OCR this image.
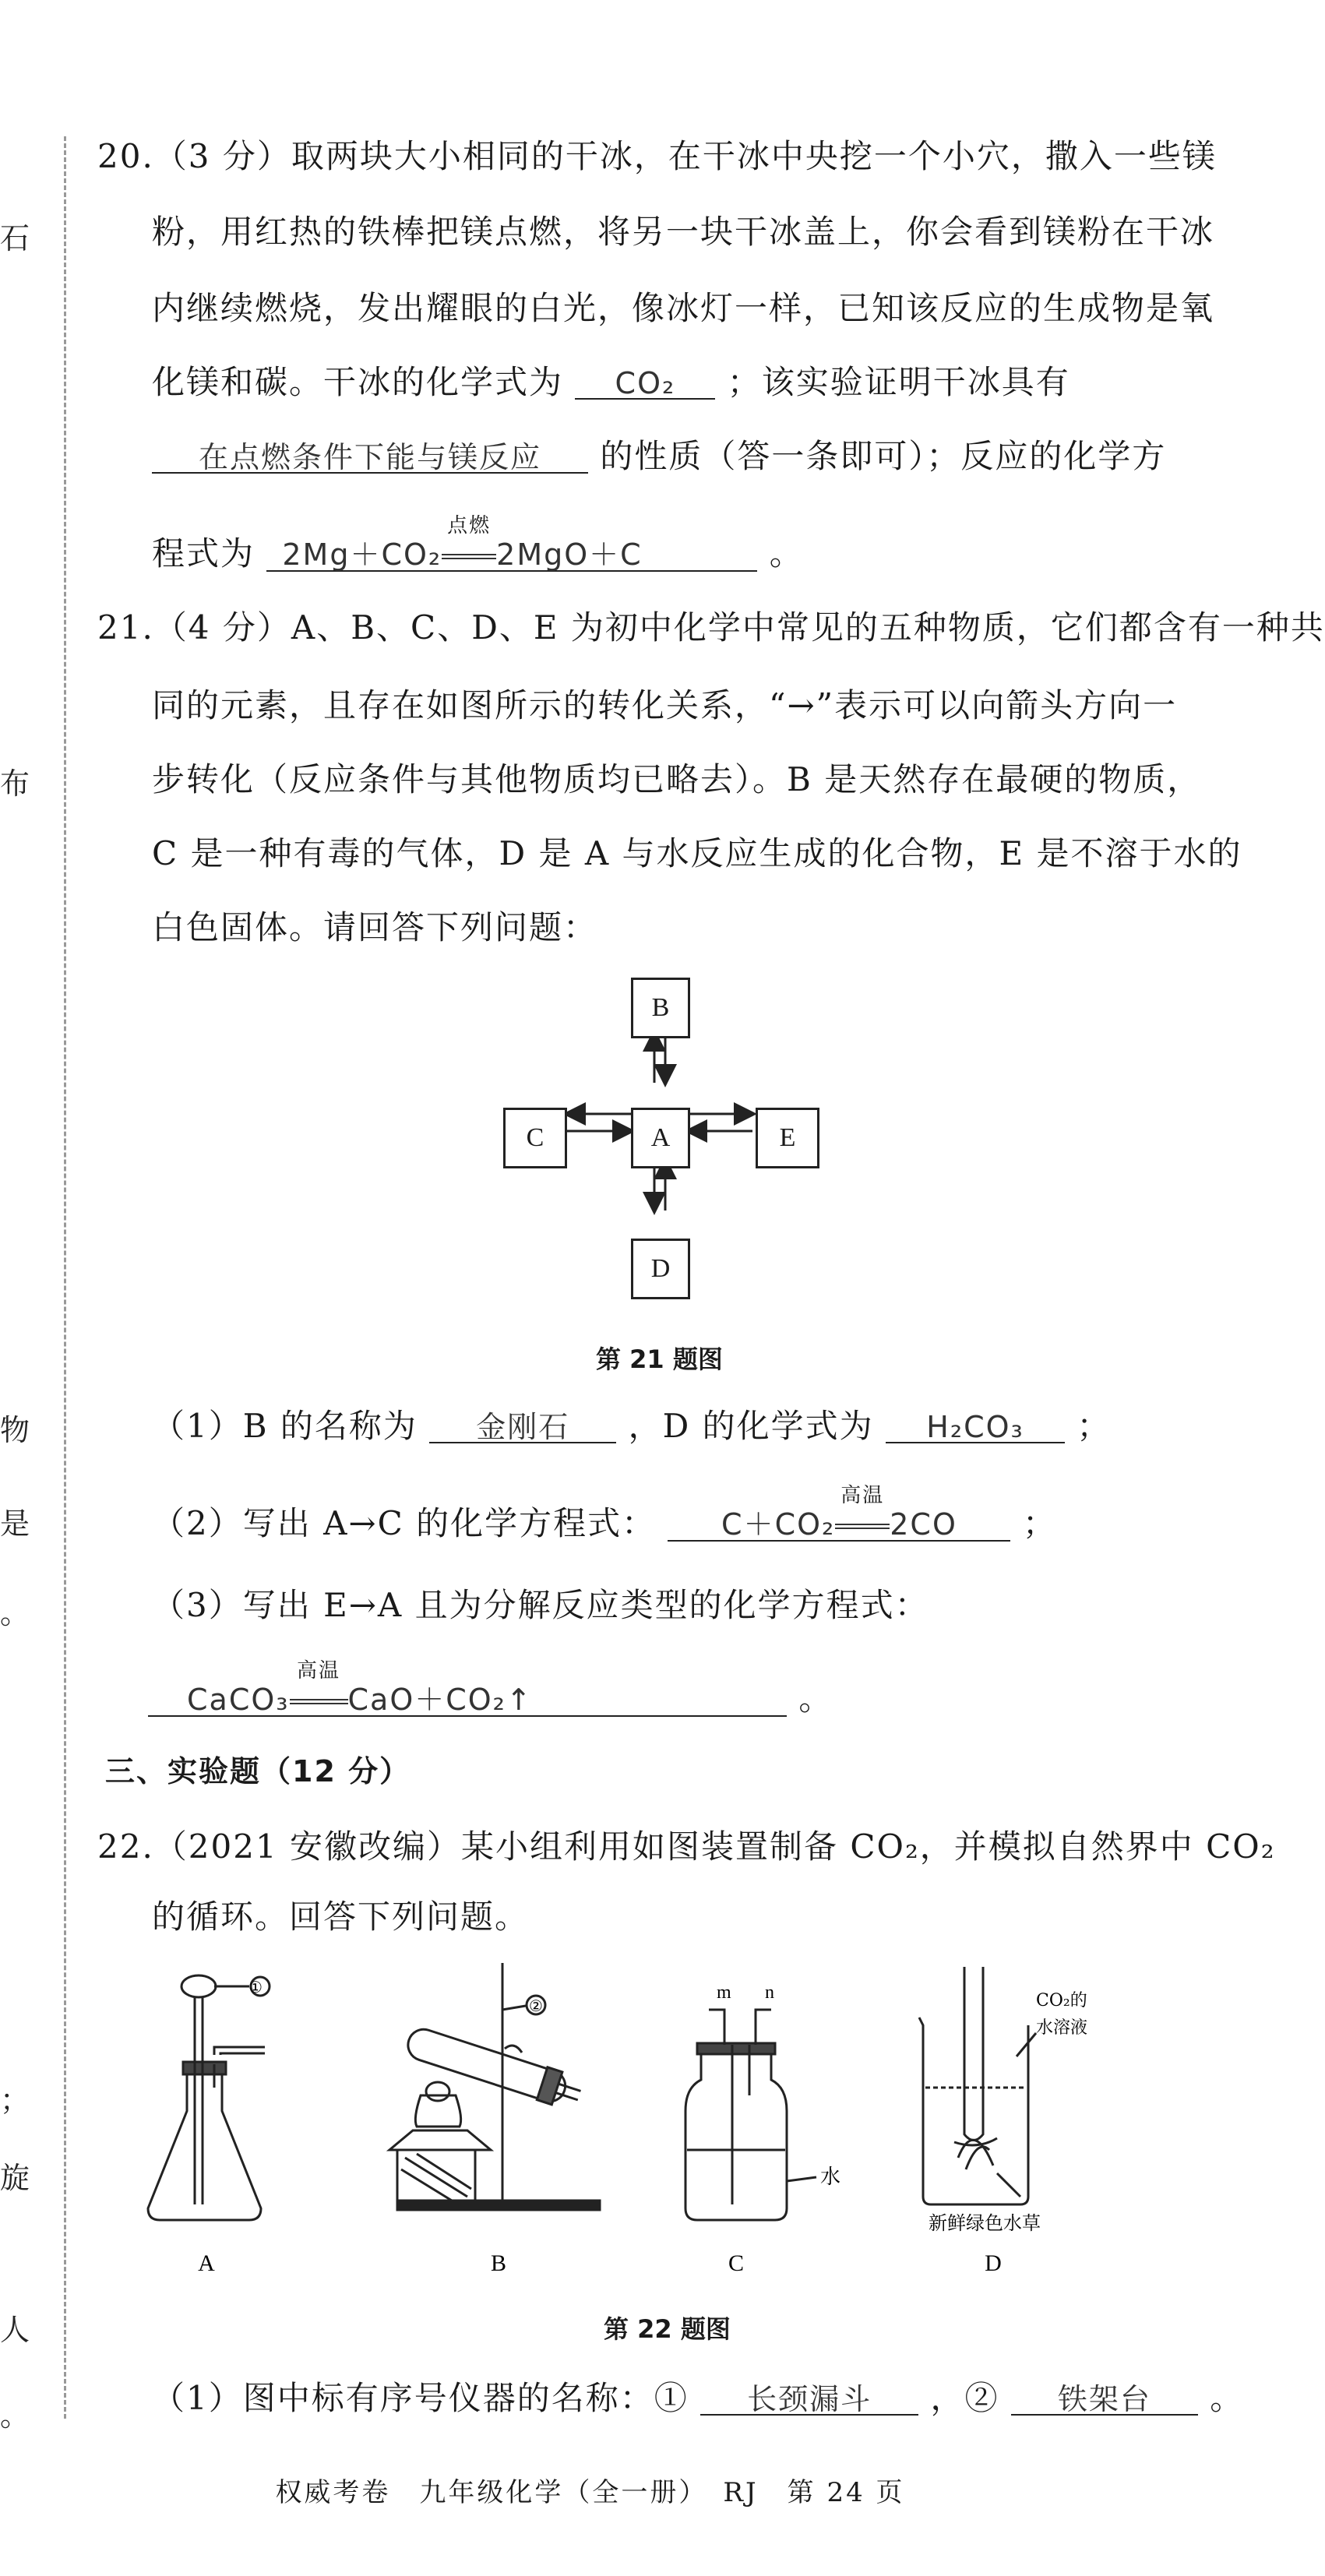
石
布
物
是
。
；
旋
人
。
20.（3 分）取两块大小相同的干冰，在干冰中央挖一个小穴，撒入一些镁
粉，用红热的铁棒把镁点燃，将另一块干冰盖上，你会看到镁粉在干冰
内继续燃烧，发出耀眼的白光，像冰灯一样，已知该反应的生成物是氧
化镁和碳。干冰的化学式为 CO₂ ；该实验证明干冰具有
在点燃条件下能与镁反应 的性质（答一条即可）；反应的化学方
程式为 2Mg＋CO₂
点燃
2MgO＋C	。
21.（4 分）A、B、C、D、E 为初中化学中常见的五种物质，它们都含有一种共
同的元素，且存在如图所示的转化关系，“→”表示可以向箭头方向一
步转化（反应条件与其他物质均已略去）。B 是天然存在最硬的物质，
C 是一种有毒的气体，D 是 A 与水反应生成的化合物，E 是不溶于水的
白色固体。请回答下列问题：
B
A
C	E
D
第 21 题图
（1）B 的名称为 金刚石 ，D 的化学式为 H₂CO₃ ；
（2）写出 A→C 的化学方程式： C＋CO₂
高温
2CO ；
（3）写出 E→A 且为分解反应类型的化学方程式：
CaCO₃
高温
CaO＋CO₂↑	。
三、实验题（12 分）
22.（2021 安徽改编）某小组利用如图装置制备 CO₂，并模拟自然界中 CO₂
的循环。回答下列问题。
①
②
m n
水
CO₂的
水溶液
新鲜绿色水草
A	B	C	D
第 22 题图
（1）图中标有序号仪器的名称：① 长颈漏斗 ，② 铁架台 。
权威考卷　九年级化学（全一册）　RJ　第 24 页
